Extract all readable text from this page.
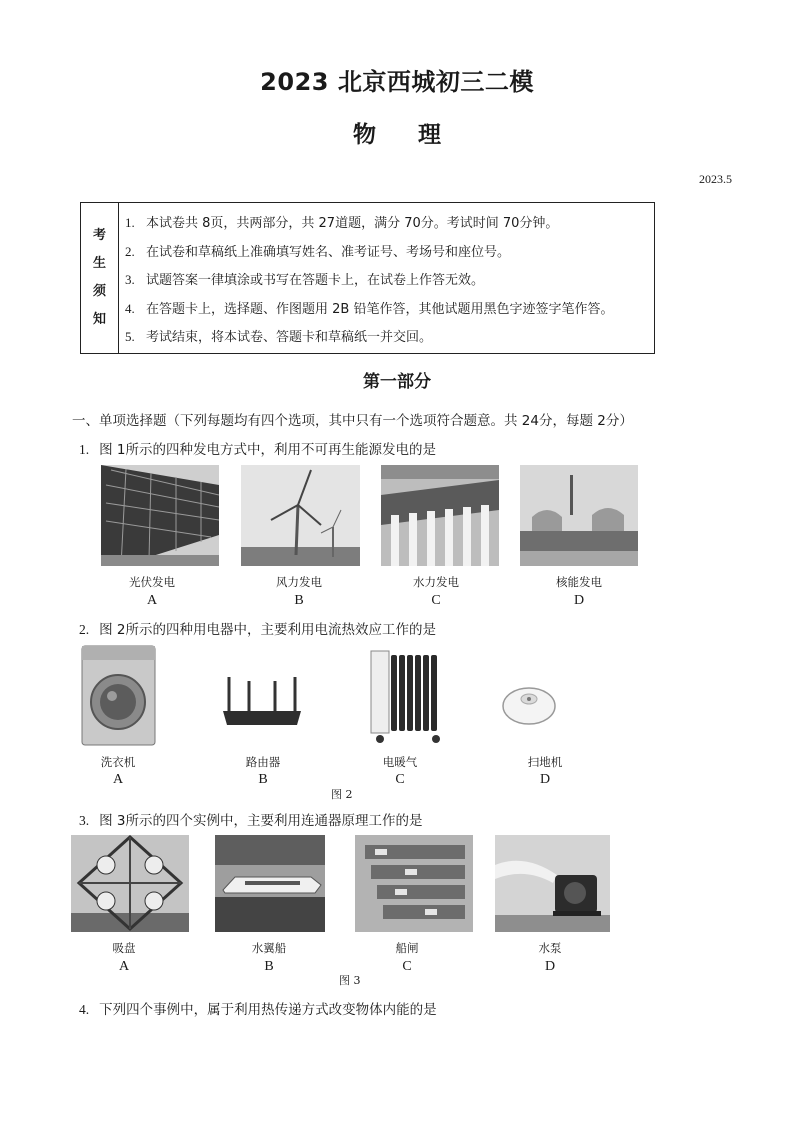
2023 北京西城初三二模
物 理
2023.5
考
生
须
知
1. 本试卷共 8页，共两部分，共 27道题，满分 70分。考试时间 70分钟。
2. 在试卷和草稿纸上准确填写姓名、准考证号、考场号和座位号。
3. 试题答案一律填涂或书写在答题卡上，在试卷上作答无效。
4. 在答题卡上，选择题、作图题用 2B 铅笔作答，其他试题用黑色字迹签字笔作答。
5. 考试结束，将本试卷、答题卡和草稿纸一并交回。
第一部分
一、单项选择题（下列每题均有四个选项，其中只有一个选项符合题意。共 24分，每题 2分）
1. 图 1所示的四种发电方式中，利用不可再生能源发电的是
光伏发电	风力发电	水力发电	核能发电
A	B	C	D
2. 图 2所示的四种用电器中，主要利用电流热效应工作的是
洗衣机	路由器	电暖气	扫地机
A	B	C	D
图 2
3. 图 3所示的四个实例中，主要利用连通器原理工作的是
吸盘	水翼船	船闸	水泵
A	B	C	D
图 3
4. 下列四个事例中，属于利用热传递方式改变物体内能的是
